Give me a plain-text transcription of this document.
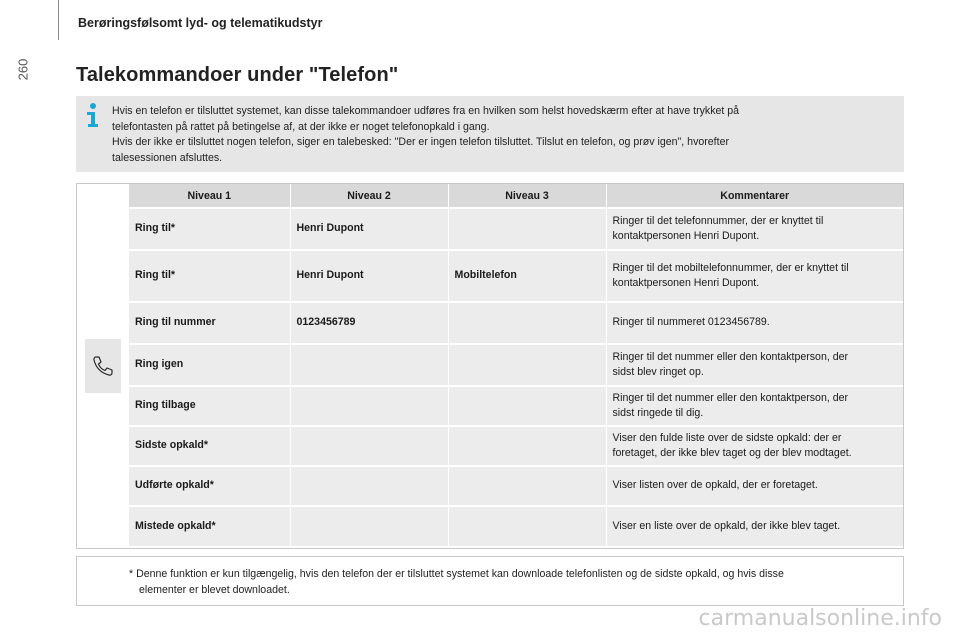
260
Berøringsfølsomt lyd- og telematikudstyr
Talekommandoer under "Telefon"
Hvis en telefon er tilsluttet systemet, kan disse talekommandoer udføres fra en hvilken som helst hovedskærm efter at have trykket på
telefontasten på rattet på betingelse af, at der ikke er noget telefonopkald i gang.
Hvis der ikke er tilsluttet nogen telefon, siger en talebesked: "Der er ingen telefon tilsluttet. Tilslut en telefon, og prøv igen", hvorefter
talesessionen afsluttes.
Niveau 1	Niveau 2	Niveau 3	Kommentarer
Ring til*	Henri Dupont		Ringer til det telefonnummer, der er knyttet til
kontaktpersonen Henri Dupont.
Ring til*	Henri Dupont	Mobiltelefon	Ringer til det mobiltelefonnummer, der er knyttet til
kontaktpersonen Henri Dupont.
Ring til nummer	0123456789		Ringer til nummeret 0123456789.
Ring igen			Ringer til det nummer eller den kontaktperson, der
sidst blev ringet op.
Ring tilbage			Ringer til det nummer eller den kontaktperson, der
sidst ringede til dig.
Sidste opkald*			Viser den fulde liste over de sidste opkald: der er
foretaget, der ikke blev taget og der blev modtaget.
Udførte opkald*			Viser listen over de opkald, der er foretaget.
Mistede opkald*			Viser en liste over de opkald, der ikke blev taget.
* Denne funktion er kun tilgængelig, hvis den telefon der er tilsluttet systemet kan downloade telefonlisten og de sidste opkald, og hvis disse
elementer er blevet downloadet.
carmanualsonline.info
